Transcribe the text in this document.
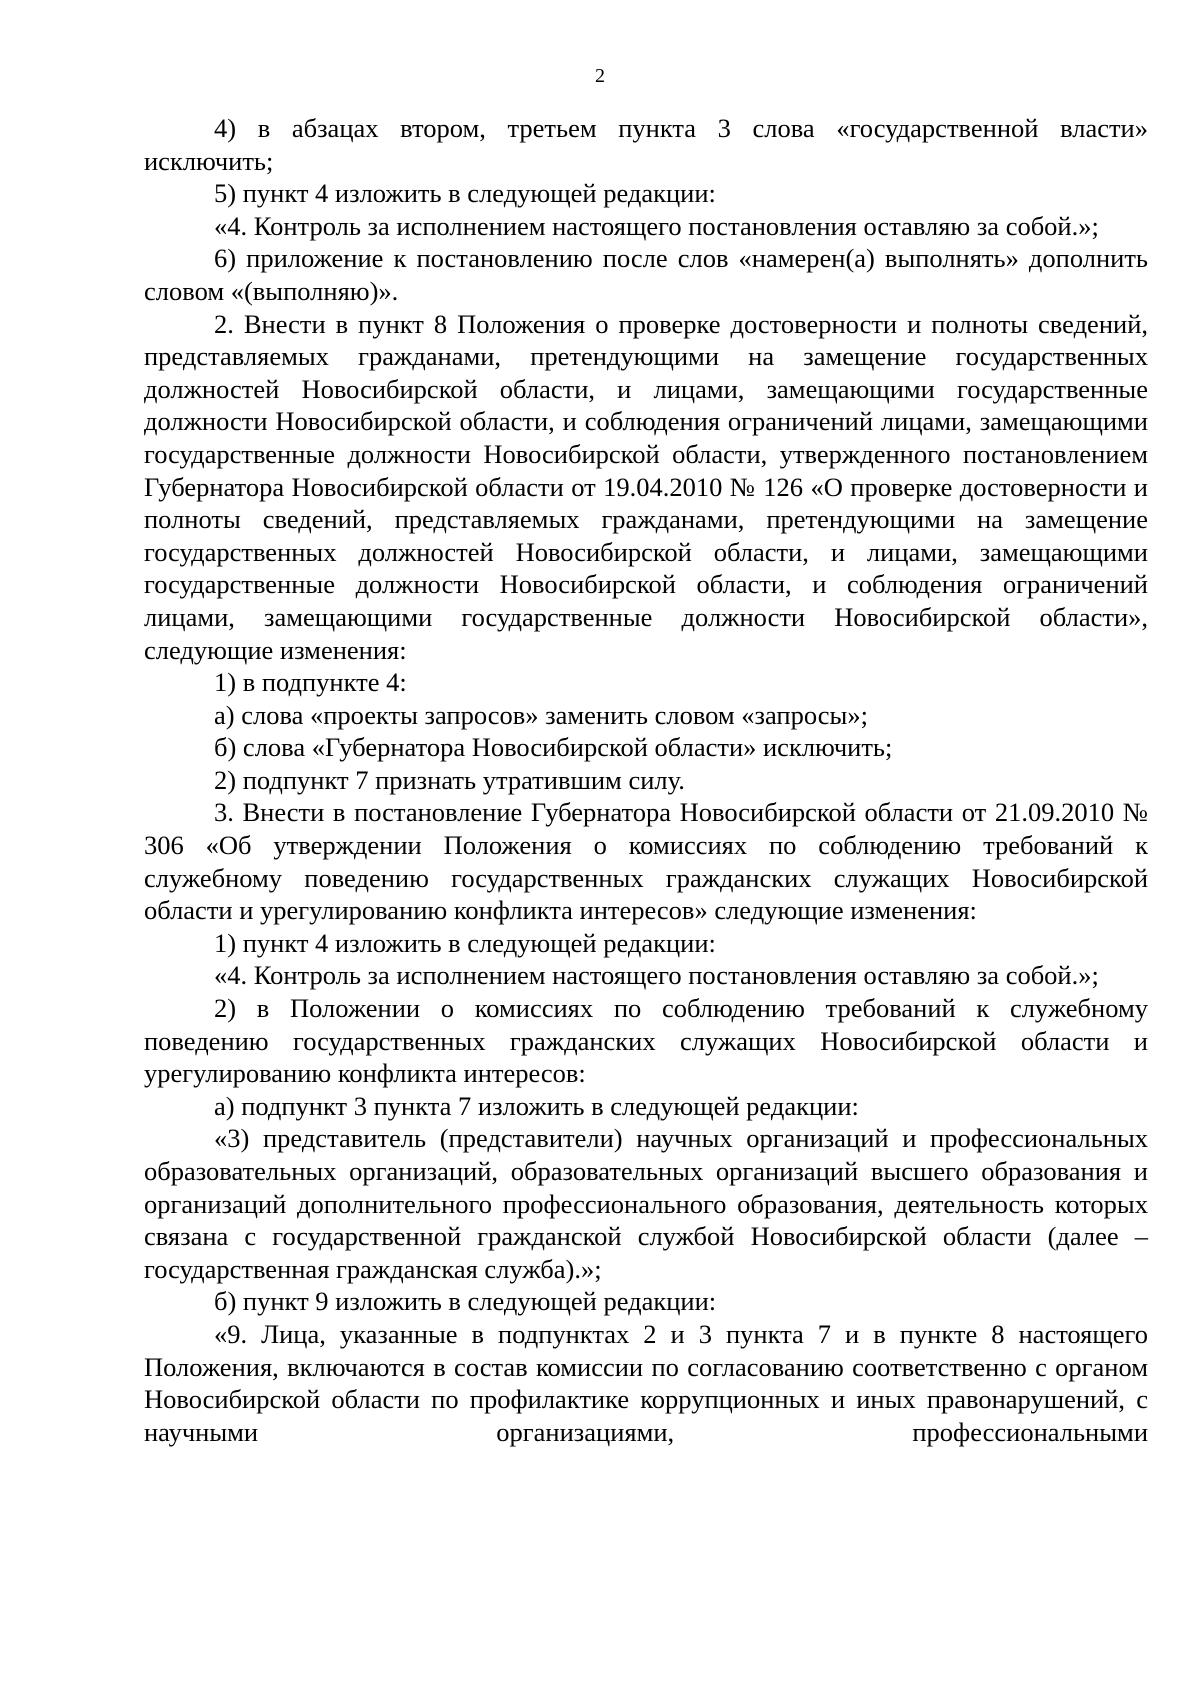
2

4) в абзацах втором, третьем пункта 3 слова «государственной власти» исключить;

5) пункт 4 изложить в следующей редакции:

«4. Контроль за исполнением настоящего постановления оставляю за собой.»;

6) приложение к постановлению после слов «намерен(а) выполнять» дополнить словом «(выполняю)».

2. Внести в пункт 8 Положения о проверке достоверности и полноты сведений, представляемых гражданами, претендующими на замещение государственных должностей Новосибирской области, и лицами, замещающими государственные должности Новосибирской области, и соблюдения ограничений лицами, замещающими государственные должности Новосибирской области, утвержденного постановлением Губернатора Новосибирской области от 19.04.2010 № 126 «О проверке достоверности и полноты сведений, представляемых гражданами, претендующими на замещение государственных должностей Новосибирской области, и лицами, замещающими государственные должности Новосибирской области, и соблюдения ограничений лицами, замещающими государственные должности Новосибирской области», следующие изменения:

1) в подпункте 4:

а) слова «проекты запросов» заменить словом «запросы»;

б) слова «Губернатора Новосибирской области» исключить;

2) подпункт 7 признать утратившим силу.

3. Внести в постановление Губернатора Новосибирской области от 21.09.2010 № 306 «Об утверждении Положения о комиссиях по соблюдению требований к служебному поведению государственных гражданских служащих Новосибирской области и урегулированию конфликта интересов» следующие изменения:

1) пункт 4 изложить в следующей редакции:

«4. Контроль за исполнением настоящего постановления оставляю за собой.»;

2) в Положении о комиссиях по соблюдению требований к служебному поведению государственных гражданских служащих Новосибирской области и урегулированию конфликта интересов:

а) подпункт 3 пункта 7 изложить в следующей редакции:

«3) представитель (представители) научных организаций и профессиональных образовательных организаций, образовательных организаций высшего образования и организаций дополнительного профессионального образования, деятельность которых связана с государственной гражданской службой Новосибирской области (далее – государственная гражданская служба).»;

б) пункт 9 изложить в следующей редакции:

«9. Лица, указанные в подпунктах 2 и 3 пункта 7 и в пункте 8 настоящего Положения, включаются в состав комиссии по согласованию соответственно с органом Новосибирской области по профилактике коррупционных и иных правонарушений, с научными организациями, профессиональными
